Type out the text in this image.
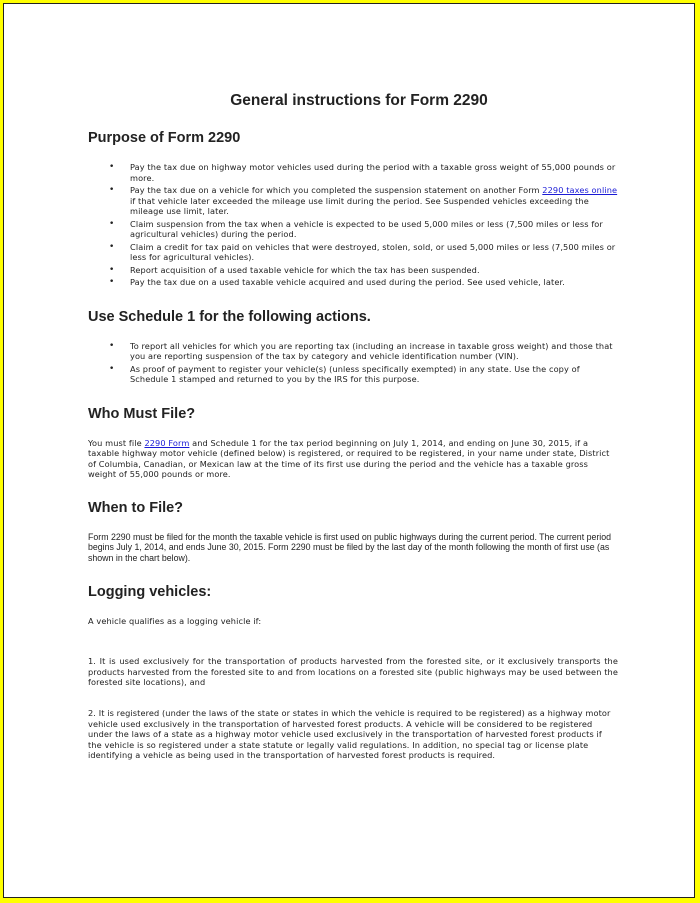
General instructions for Form 2290
Purpose of Form 2290
• Pay the tax due on highway motor vehicles used during the period with a taxable gross weight of 55,000 pounds or more.
• Pay the tax due on a vehicle for which you completed the suspension statement on another Form 2290 taxes online if that vehicle later exceeded the mileage use limit during the period. See Suspended vehicles exceeding the mileage use limit, later.
• Claim suspension from the tax when a vehicle is expected to be used 5,000 miles or less (7,500 miles or less for agricultural vehicles) during the period.
• Claim a credit for tax paid on vehicles that were destroyed, stolen, sold, or used 5,000 miles or less (7,500 miles or less for agricultural vehicles).
• Report acquisition of a used taxable vehicle for which the tax has been suspended.
• Pay the tax due on a used taxable vehicle acquired and used during the period. See used vehicle, later.
Use Schedule 1 for the following actions.
• To report all vehicles for which you are reporting tax (including an increase in taxable gross weight) and those that you are reporting suspension of the tax by category and vehicle identification number (VIN).
• As proof of payment to register your vehicle(s) (unless specifically exempted) in any state. Use the copy of Schedule 1 stamped and returned to you by the IRS for this purpose.
Who Must File?

You must file 2290 Form and Schedule 1 for the tax period beginning on July 1, 2014, and ending on June 30, 2015, if a taxable highway motor vehicle (defined below) is registered, or required to be registered, in your name under state, District of Columbia, Canadian, or Mexican law at the time of its first use during the period and the vehicle has a taxable gross weight of 55,000 pounds or more.

When to File?

Form 2290 must be filed for the month the taxable vehicle is first used on public highways during the current period. The current period begins July 1, 2014, and ends June 30, 2015. Form 2290 must be filed by the last day of the month following the month of first use (as shown in the chart below).

Logging vehicles:

A vehicle qualifies as a logging vehicle if:

1. It is used exclusively for the transportation of products harvested from the forested site, or it exclusively transports the products harvested from the forested site to and from locations on a forested site (public highways may be used between the forested site locations), and

2. It is registered (under the laws of the state or states in which the vehicle is required to be registered) as a highway motor vehicle used exclusively in the transportation of harvested forest products. A vehicle will be considered to be registered under the laws of a state as a highway motor vehicle used exclusively in the transportation of harvested forest products if the vehicle is so registered under a state statute or legally valid regulations. In addition, no special tag or license plate identifying a vehicle as being used in the transportation of harvested forest products is required.
